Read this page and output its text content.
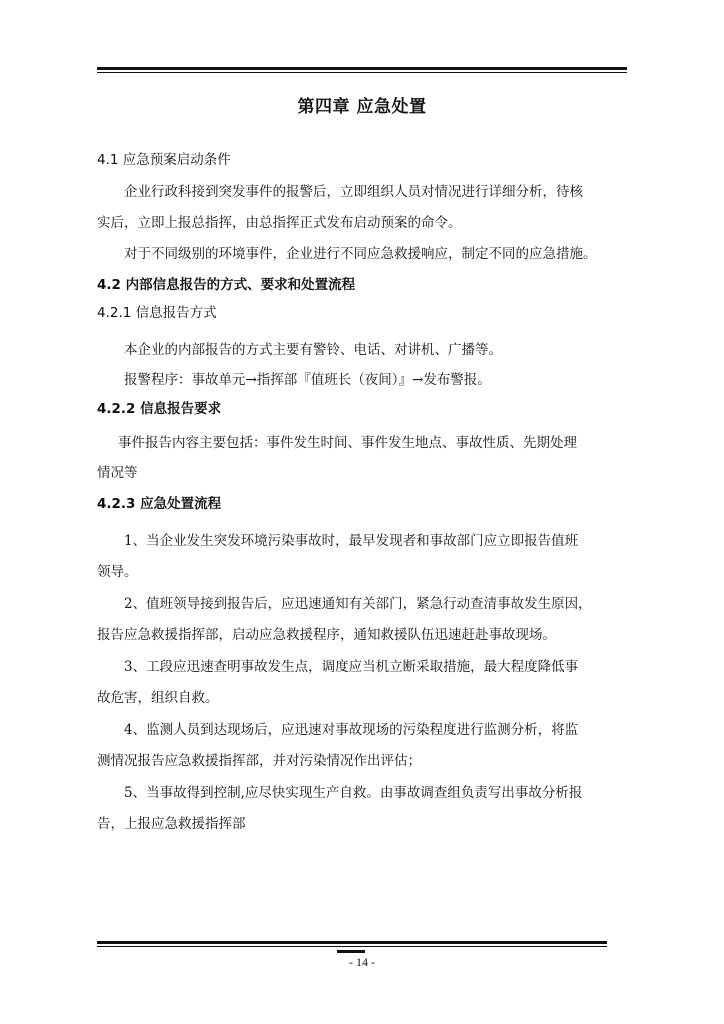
第四章 应急处置
4.1 应急预案启动条件
企业行政科接到突发事件的报警后，立即组织人员对情况进行详细分析，待核
实后，立即上报总指挥，由总指挥正式发布启动预案的命令。
对于不同级别的环境事件，企业进行不同应急救援响应，制定不同的应急措施。
4.2 内部信息报告的方式、要求和处置流程
4.2.1 信息报告方式
本企业的内部报告的方式主要有警铃、电话、对讲机、广播等。
报警程序：事故单元→指挥部『值班长（夜间）』→发布警报。
4.2.2 信息报告要求
事件报告内容主要包括：事件发生时间、事件发生地点、事故性质、先期处理
情况等
4.2.3 应急处置流程
1、当企业发生突发环境污染事故时，最早发现者和事故部门应立即报告值班
领导。
2、值班领导接到报告后，应迅速通知有关部门，紧急行动查清事故发生原因，
报告应急救援指挥部，启动应急救援程序，通知救援队伍迅速赶赴事故现场。
3、工段应迅速查明事故发生点，调度应当机立断采取措施，最大程度降低事
故危害，组织自救。
4、监测人员到达现场后，应迅速对事故现场的污染程度进行监测分析，将监
测情况报告应急救援指挥部，并对污染情况作出评估；
5、当事故得到控制,应尽快实现生产自救。由事故调查组负责写出事故分析报
告，上报应急救援指挥部
- 14 -
